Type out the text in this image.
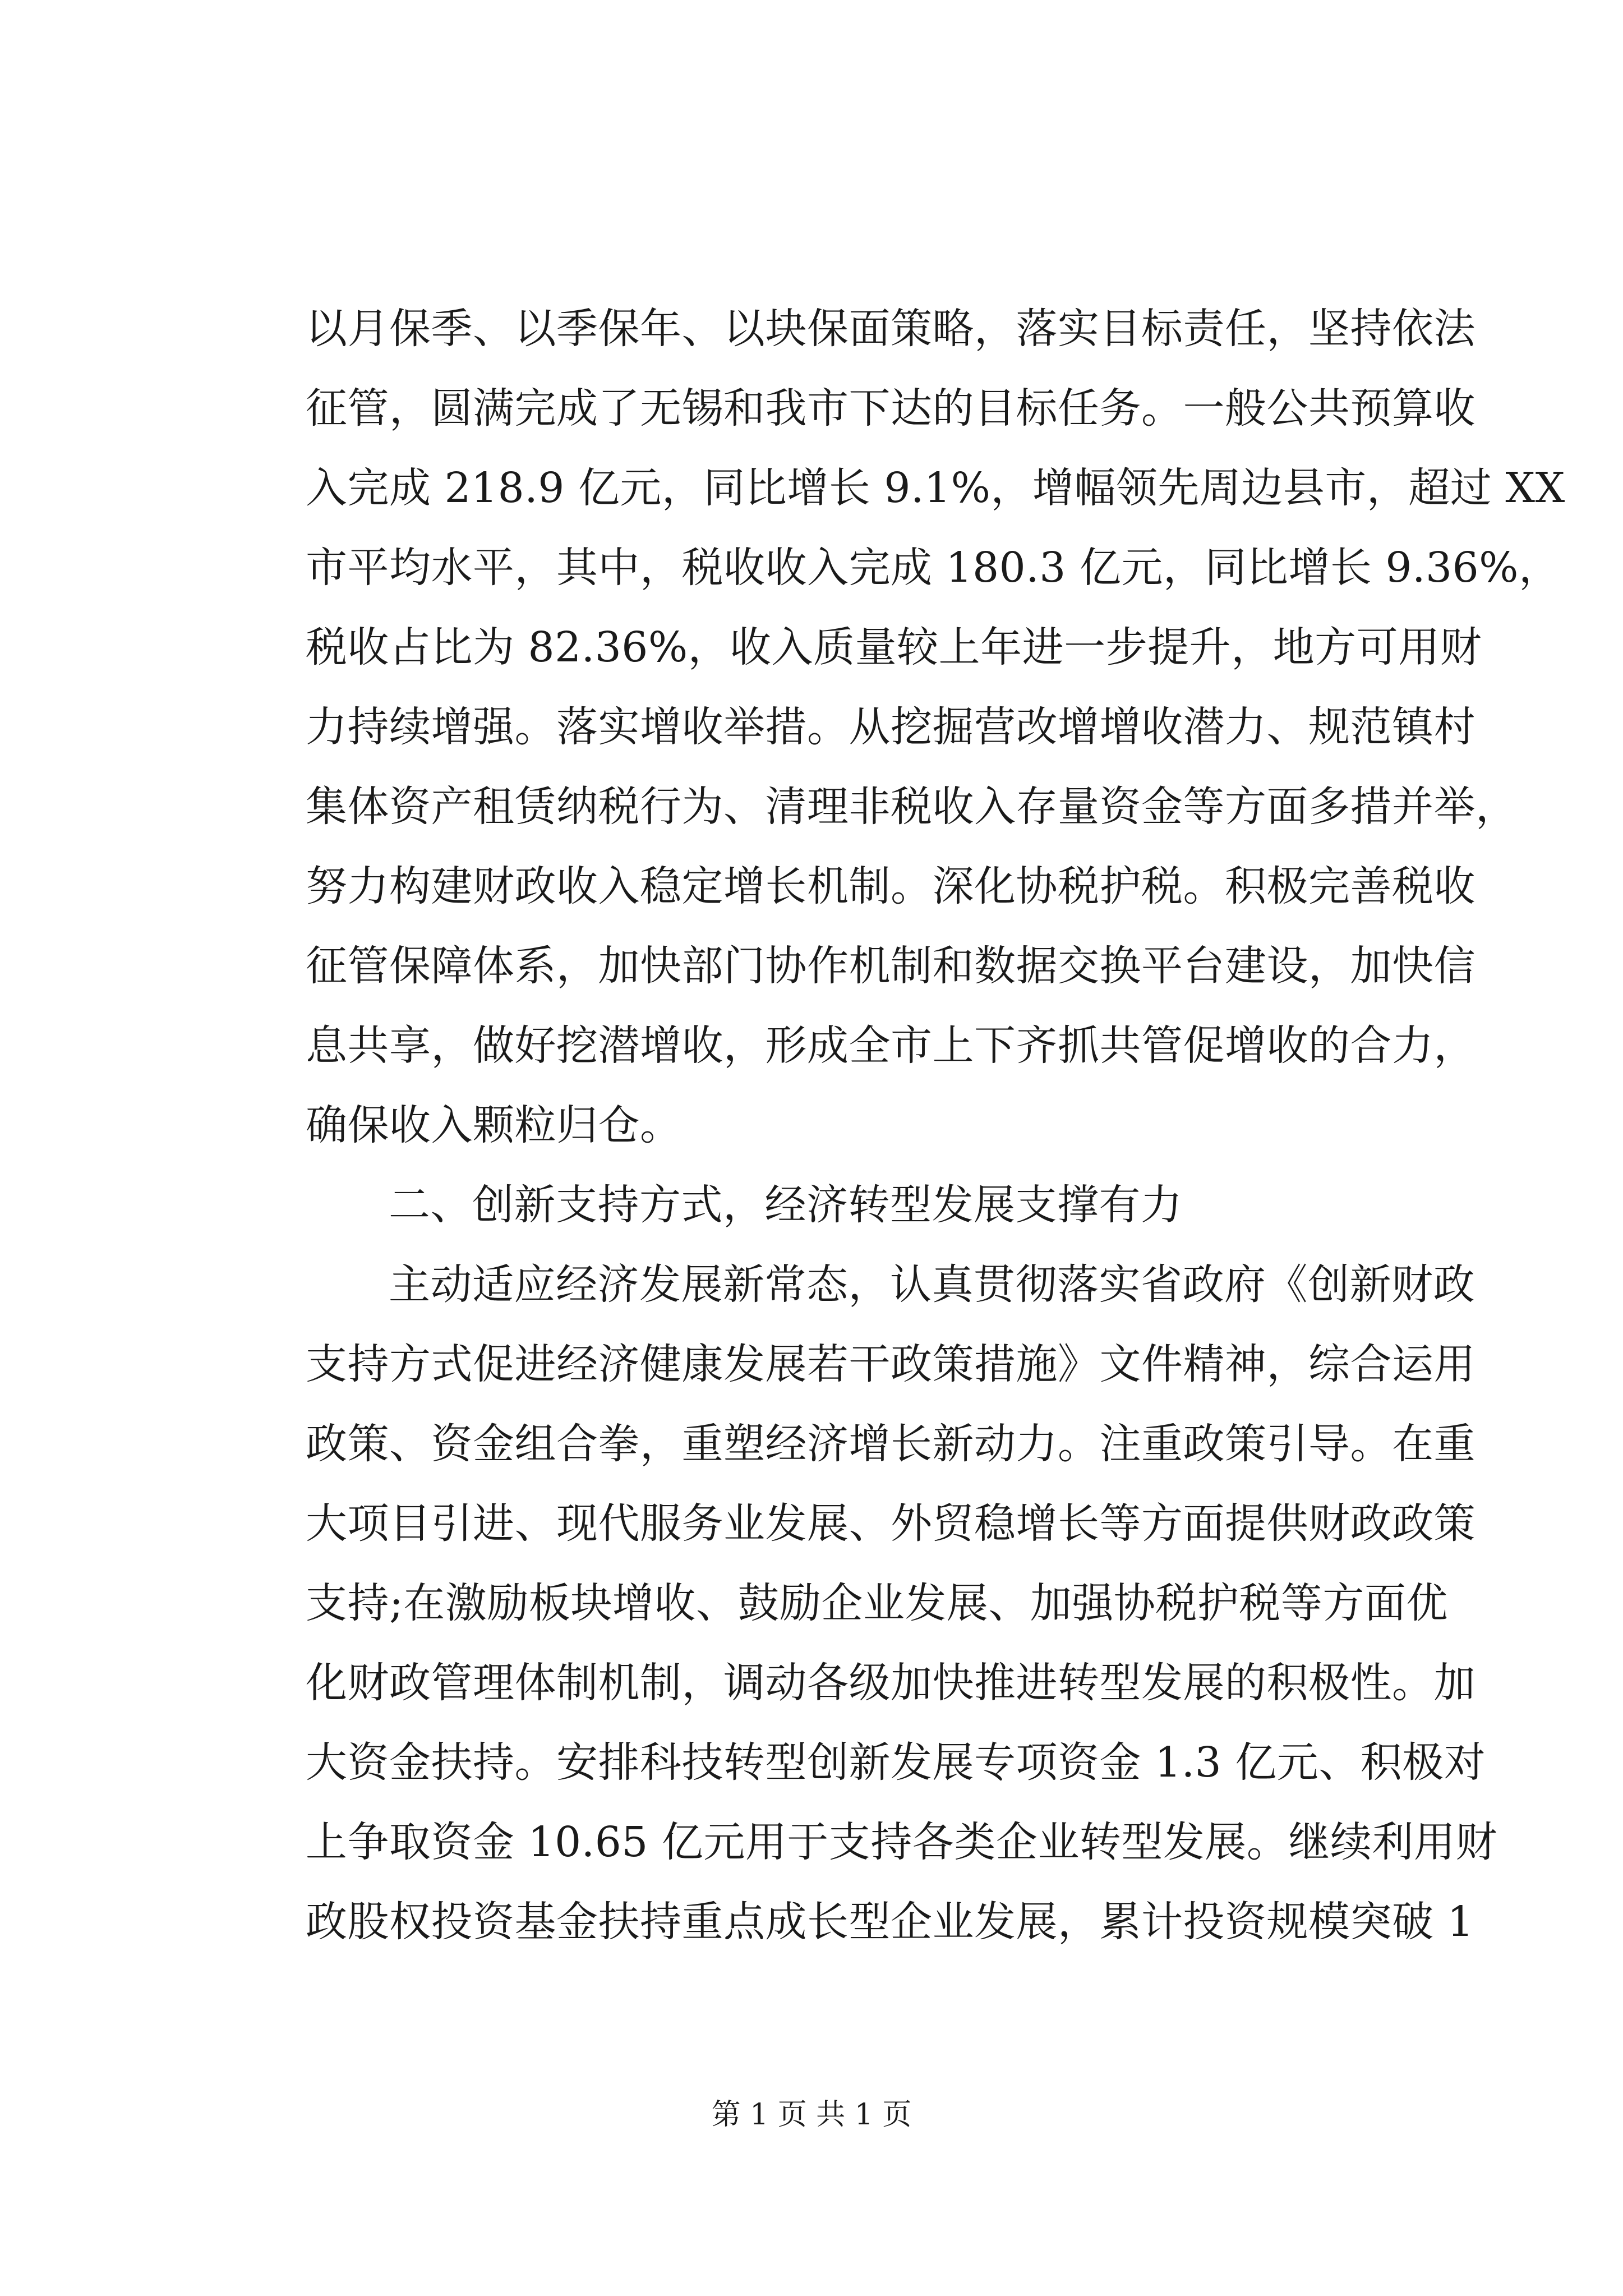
以月保季、以季保年、以块保面策略，落实目标责任，坚持依法
征管，圆满完成了无锡和我市下达的目标任务。一般公共预算收
入完成 218.9 亿元，同比增长 9.1%，增幅领先周边县市，超过 XX
市平均水平，其中，税收收入完成 180.3 亿元，同比增长 9.36%，
税收占比为 82.36%，收入质量较上年进一步提升，地方可用财
力持续增强。落实增收举措。从挖掘营改增增收潜力、规范镇村
集体资产租赁纳税行为、清理非税收入存量资金等方面多措并举，
努力构建财政收入稳定增长机制。深化协税护税。积极完善税收
征管保障体系，加快部门协作机制和数据交换平台建设，加快信
息共享，做好挖潜增收，形成全市上下齐抓共管促增收的合力，
确保收入颗粒归仓。
二、创新支持方式，经济转型发展支撑有力
主动适应经济发展新常态，认真贯彻落实省政府《创新财政
支持方式促进经济健康发展若干政策措施》文件精神，综合运用
政策、资金组合拳，重塑经济增长新动力。注重政策引导。在重
大项目引进、现代服务业发展、外贸稳增长等方面提供财政政策
支持;在激励板块增收、鼓励企业发展、加强协税护税等方面优
化财政管理体制机制，调动各级加快推进转型发展的积极性。加
大资金扶持。安排科技转型创新发展专项资金 1.3 亿元、积极对
上争取资金 10.65 亿元用于支持各类企业转型发展。继续利用财
政股权投资基金扶持重点成长型企业发展，累计投资规模突破 1
第 1 页 共 1 页
